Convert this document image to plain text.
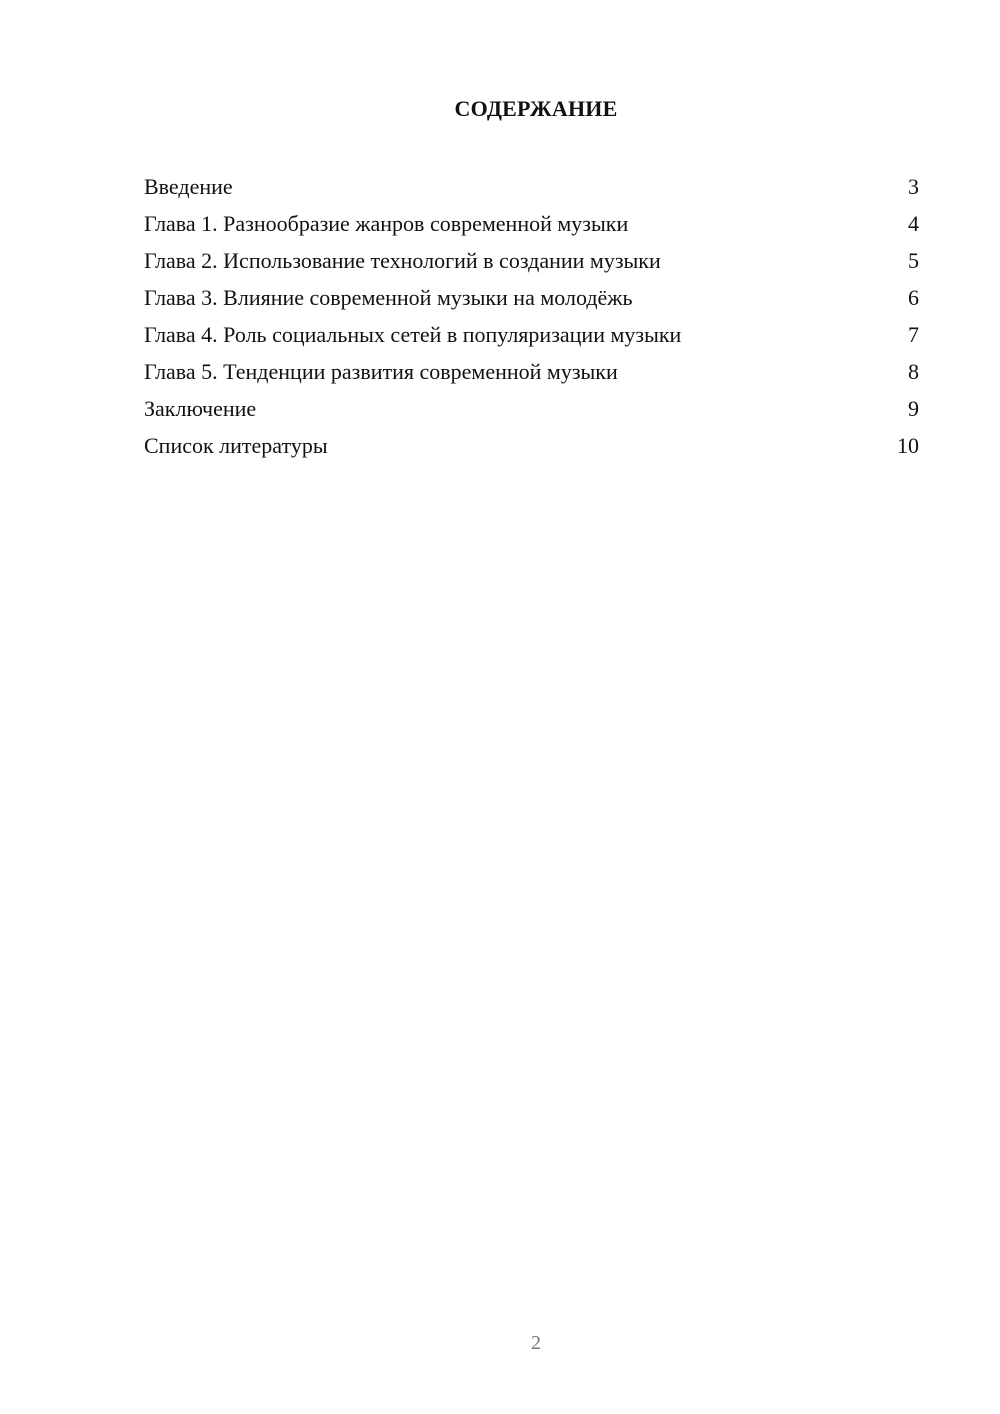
СОДЕРЖАНИЕ
Введение	3
Глава 1. Разнообразие жанров современной музыки	4
Глава 2. Использование технологий в создании музыки	5
Глава 3. Влияние современной музыки на молодёжь	6
Глава 4. Роль социальных сетей в популяризации музыки	7
Глава 5. Тенденции развития современной музыки	8
Заключение	9
Список литературы	10
2
